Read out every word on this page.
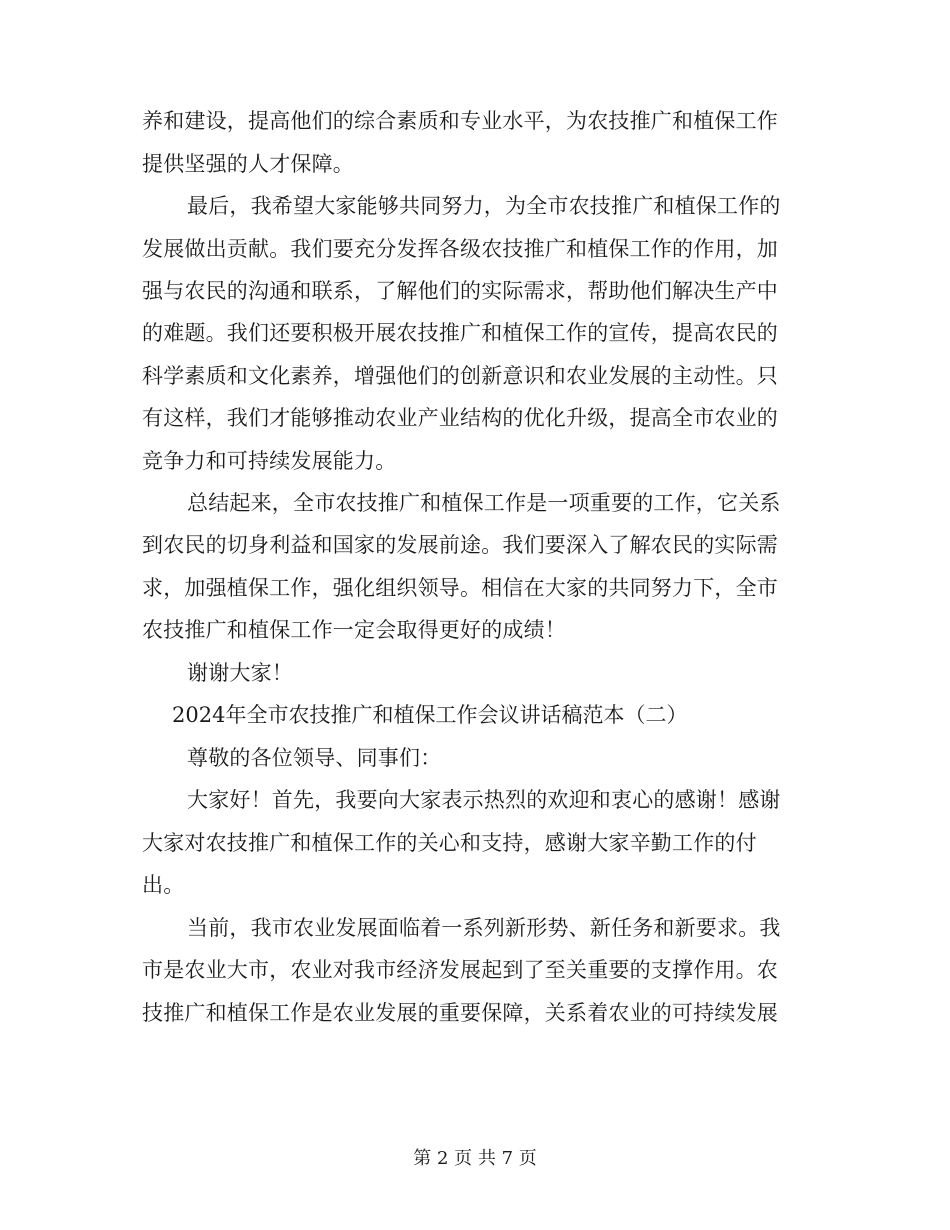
养和建设，提高他们的综合素质和专业水平，为农技推广和植保工作
提供坚强的人才保障。
最后，我希望大家能够共同努力，为全市农技推广和植保工作的
发展做出贡献。我们要充分发挥各级农技推广和植保工作的作用，加
强与农民的沟通和联系，了解他们的实际需求，帮助他们解决生产中
的难题。我们还要积极开展农技推广和植保工作的宣传，提高农民的
科学素质和文化素养，增强他们的创新意识和农业发展的主动性。只
有这样，我们才能够推动农业产业结构的优化升级，提高全市农业的
竞争力和可持续发展能力。
总结起来，全市农技推广和植保工作是一项重要的工作，它关系
到农民的切身利益和国家的发展前途。我们要深入了解农民的实际需
求，加强植保工作，强化组织领导。相信在大家的共同努力下，全市
农技推广和植保工作一定会取得更好的成绩！
谢谢大家！
2024年全市农技推广和植保工作会议讲话稿范本（二）
尊敬的各位领导、同事们：
大家好！首先，我要向大家表示热烈的欢迎和衷心的感谢！感谢
大家对农技推广和植保工作的关心和支持，感谢大家辛勤工作的付
出。
当前，我市农业发展面临着一系列新形势、新任务和新要求。我
市是农业大市，农业对我市经济发展起到了至关重要的支撑作用。农
技推广和植保工作是农业发展的重要保障，关系着农业的可持续发展
第 2 页 共 7 页
